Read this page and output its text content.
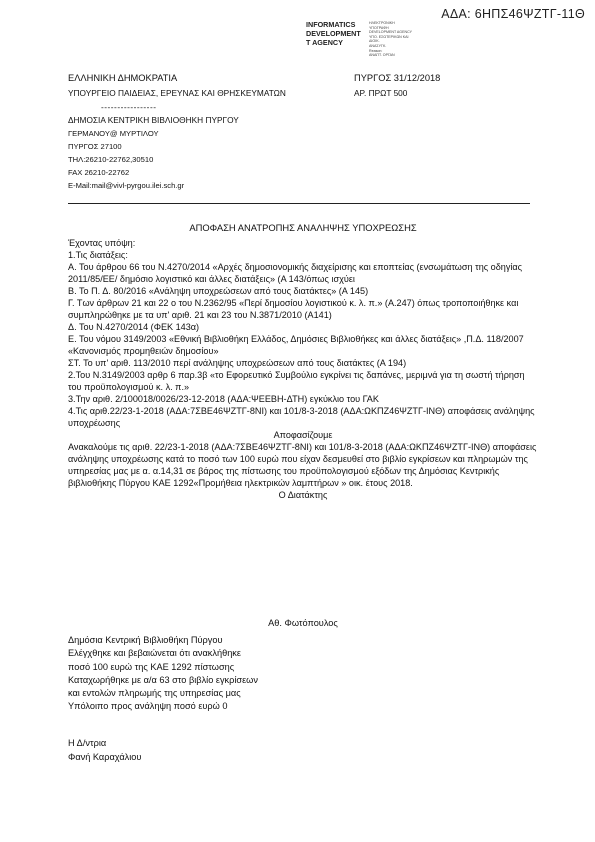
ΑΔΑ: 6ΗΠΣ46ΨΖΤΓ-11Θ
INFORMATICS
DEVELOPMENT
T AGENCY
ΗΛΕΚΤΡΟΝΙΚΗ
ΥΠΟΓΡΑΦΗ
DEVELOPMENT AGENCY
ΥΠΟ. ΕΣΩΤΕΡΙΚΩΝ ΚΑΙ
ΔΙΟΙΚ.
ΑΝΑΣΥΓΚ.
Reason:
ΑΝΑΠΤ. ΟΡΓΑΝ
ΕΛΛΗΝΙΚΗ ΔΗΜΟΚΡΑΤΙΑ
ΥΠΟΥΡΓΕΙΟ ΠΑΙΔΕΙΑΣ, ΕΡΕΥΝΑΣ ΚΑΙ ΘΡΗΣΚΕΥΜΑΤΩΝ
-----------------
ΠΥΡΓΟΣ 31/12/2018
ΑΡ. ΠΡΩΤ 500
ΔΗΜΟΣΙΑ ΚΕΝΤΡΙΚΗ ΒΙΒΛΙΟΘΗΚΗ ΠΥΡΓΟΥ
ΓΕΡΜΑΝΟΥ@ ΜΥΡΤΙΛΟΥ
ΠΥΡΓΟΣ 27100
ΤΗΛ:26210-22762,30510
FAX 26210-22762
E-Mail:mail@vivl-pyrgou.ilei.sch.gr

ΑΠΟΦΑΣΗ ΑΝΑΤΡΟΠΗΣ ΑΝΑΛΗΨΗΣ ΥΠΟΧΡΕΩΣΗΣ

Έχοντας υπόψη:

1.Τις διατάξεις:

Α. Του άρθρου 66 του Ν.4270/2014 «Αρχές δημοσιονομικής διαχείρισης και εποπτείας (ενσωμάτωση της οδηγίας 2011/85/ΕΕ/ δημόσιο λογιστικό και άλλες διατάξεις» (Α 143/όπως ισχύει

Β. Το Π. Δ. 80/2016 «Ανάληψη υποχρεώσεων από τους διατάκτες» (Α 145)

Γ. Των άρθρων 21 και 22 ο του Ν.2362/95 «Περί δημοσίου λογιστικού κ. λ. π.» (Α.247) όπως τροποποιήθηκε και συμπληρώθηκε με τα υπ' αριθ. 21 και 23 του Ν.3871/2010 (Α141)

Δ. Του Ν.4270/2014 (ΦΕΚ 143α)

Ε. Του νόμου 3149/2003 «Εθνική Βιβλιοθήκη Ελλάδος, Δημόσιες Βιβλιοθήκες και άλλες διατάξεις» ,Π.Δ. 118/2007 «Κανονισμός προμηθειών δημοσίου»

ΣΤ. Το υπ' αριθ. 113/2010 περί ανάληψης υποχρεώσεων από τους διατάκτες (Α 194)

2.Του Ν.3149/2003 αρθρ 6 παρ.3β «το Εφορευτικό Συμβούλιο εγκρίνει τις δαπάνες, μεριμνά για τη σωστή τήρηση του προϋπολογισμού κ. λ. π.»

3.Την αριθ. 2/100018/0026/23-12-2018 (ΑΔΑ:ΨΕΕΒΗ-ΔΤΗ) εγκύκλιο του ΓΑΚ

4.Τις αριθ.22/23-1-2018 (ΑΔΑ:7ΣΒΕ46ΨΖΤΓ-8ΝΙ) και 101/8-3-2018 (ΑΔΑ:ΩΚΠΖ46ΨΖΤΓ-ΙΝΘ) αποφάσεις ανάληψης υποχρέωσης

Αποφασίζουμε

Ανακαλούμε τις αριθ. 22/23-1-2018 (ΑΔΑ:7ΣΒΕ46ΨΖΤΓ-8ΝΙ) και 101/8-3-2018 (ΑΔΑ:ΩΚΠΖ46ΨΖΤΓ-ΙΝΘ) αποφάσεις ανάληψης υποχρέωσης κατά το ποσό των 100 ευρώ που είχαν δεσμευθεί στο βιβλίο εγκρίσεων και πληρωμών της υπηρεσίας μας με α. α.14,31 σε βάρος της πίστωσης του προϋπολογισμού εξόδων της Δημόσιας Κεντρικής βιβλιοθήκης Πύργου ΚΑΕ 1292«Προμήθεια ηλεκτρικών λαμπτήρων » οικ. έτους 2018.

Ο Διατάκτης

Αθ. Φωτόπουλος

Δημόσια Κεντρική Βιβλιοθήκη Πύργου

Ελέγχθηκε και βεβαιώνεται ότι ανακλήθηκε

ποσό 100 ευρώ της ΚΑΕ 1292 πίστωσης

Καταχωρήθηκε με α/α 63 στο βιβλίο εγκρίσεων

και εντολών πληρωμής της υπηρεσίας μας

Υπόλοιπο προς ανάληψη ποσό ευρώ 0

Η Δ/ντρια

Φανή Καραχάλιου
